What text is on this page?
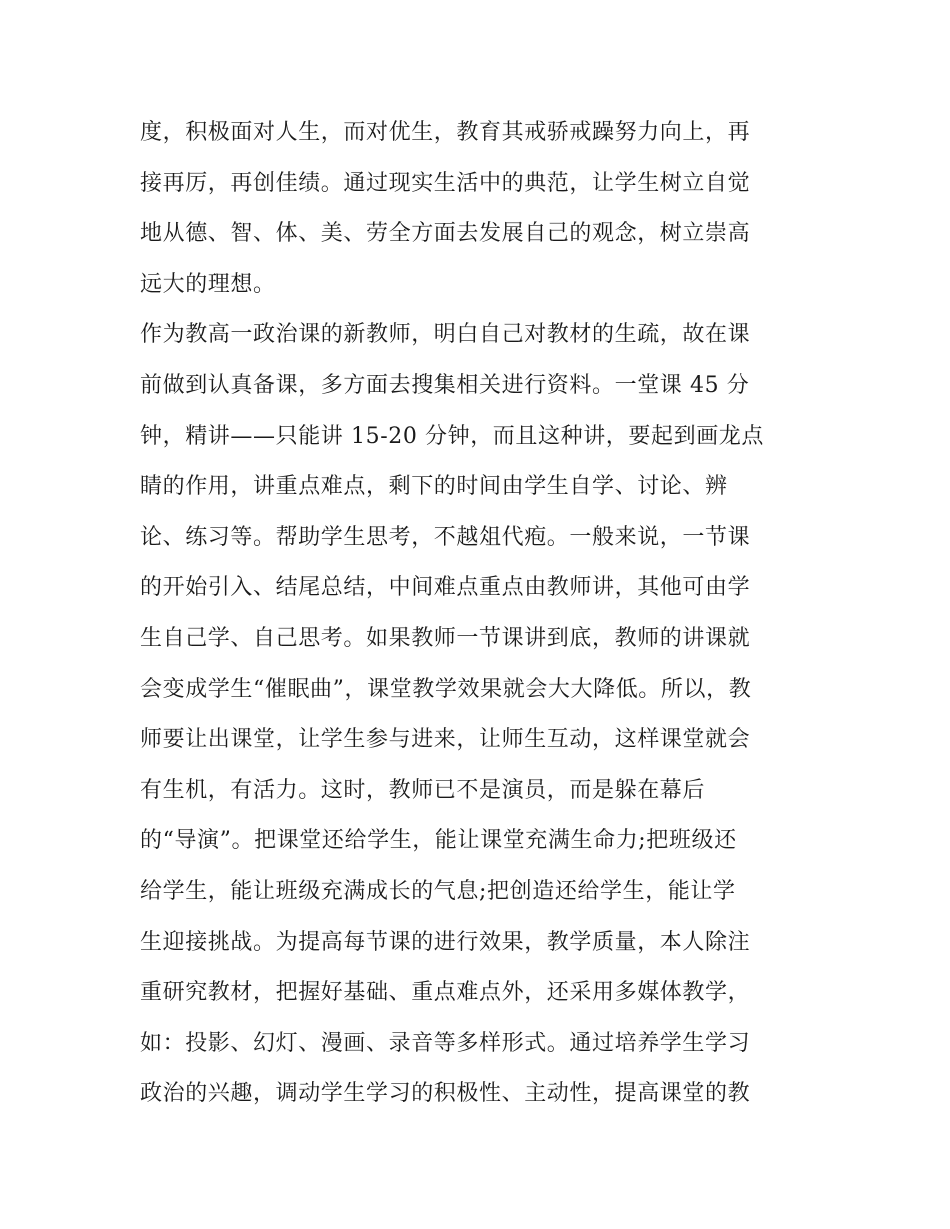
度，积极面对人生，而对优生，教育其戒骄戒躁努力向上，再
接再厉，再创佳绩。通过现实生活中的典范，让学生树立自觉
地从德、智、体、美、劳全方面去发展自己的观念，树立崇高
远大的理想。
作为教高一政治课的新教师，明白自己对教材的生疏，故在课
前做到认真备课，多方面去搜集相关进行资料。一堂课 45 分
钟，精讲——只能讲 15-20 分钟，而且这种讲，要起到画龙点
睛的作用，讲重点难点，剩下的时间由学生自学、讨论、辨
论、练习等。帮助学生思考，不越俎代疱。一般来说，一节课
的开始引入、结尾总结，中间难点重点由教师讲，其他可由学
生自己学、自己思考。如果教师一节课讲到底，教师的讲课就
会变成学生“催眠曲”，课堂教学效果就会大大降低。所以，教
师要让出课堂，让学生参与进来，让师生互动，这样课堂就会
有生机，有活力。这时，教师已不是演员，而是躲在幕后
的“导演”。把课堂还给学生，能让课堂充满生命力;把班级还
给学生，能让班级充满成长的气息;把创造还给学生，能让学
生迎接挑战。为提高每节课的进行效果，教学质量，本人除注
重研究教材，把握好基础、重点难点外，还采用多媒体教学，
如：投影、幻灯、漫画、录音等多样形式。通过培养学生学习
政治的兴趣，调动学生学习的积极性、主动性，提高课堂的教
